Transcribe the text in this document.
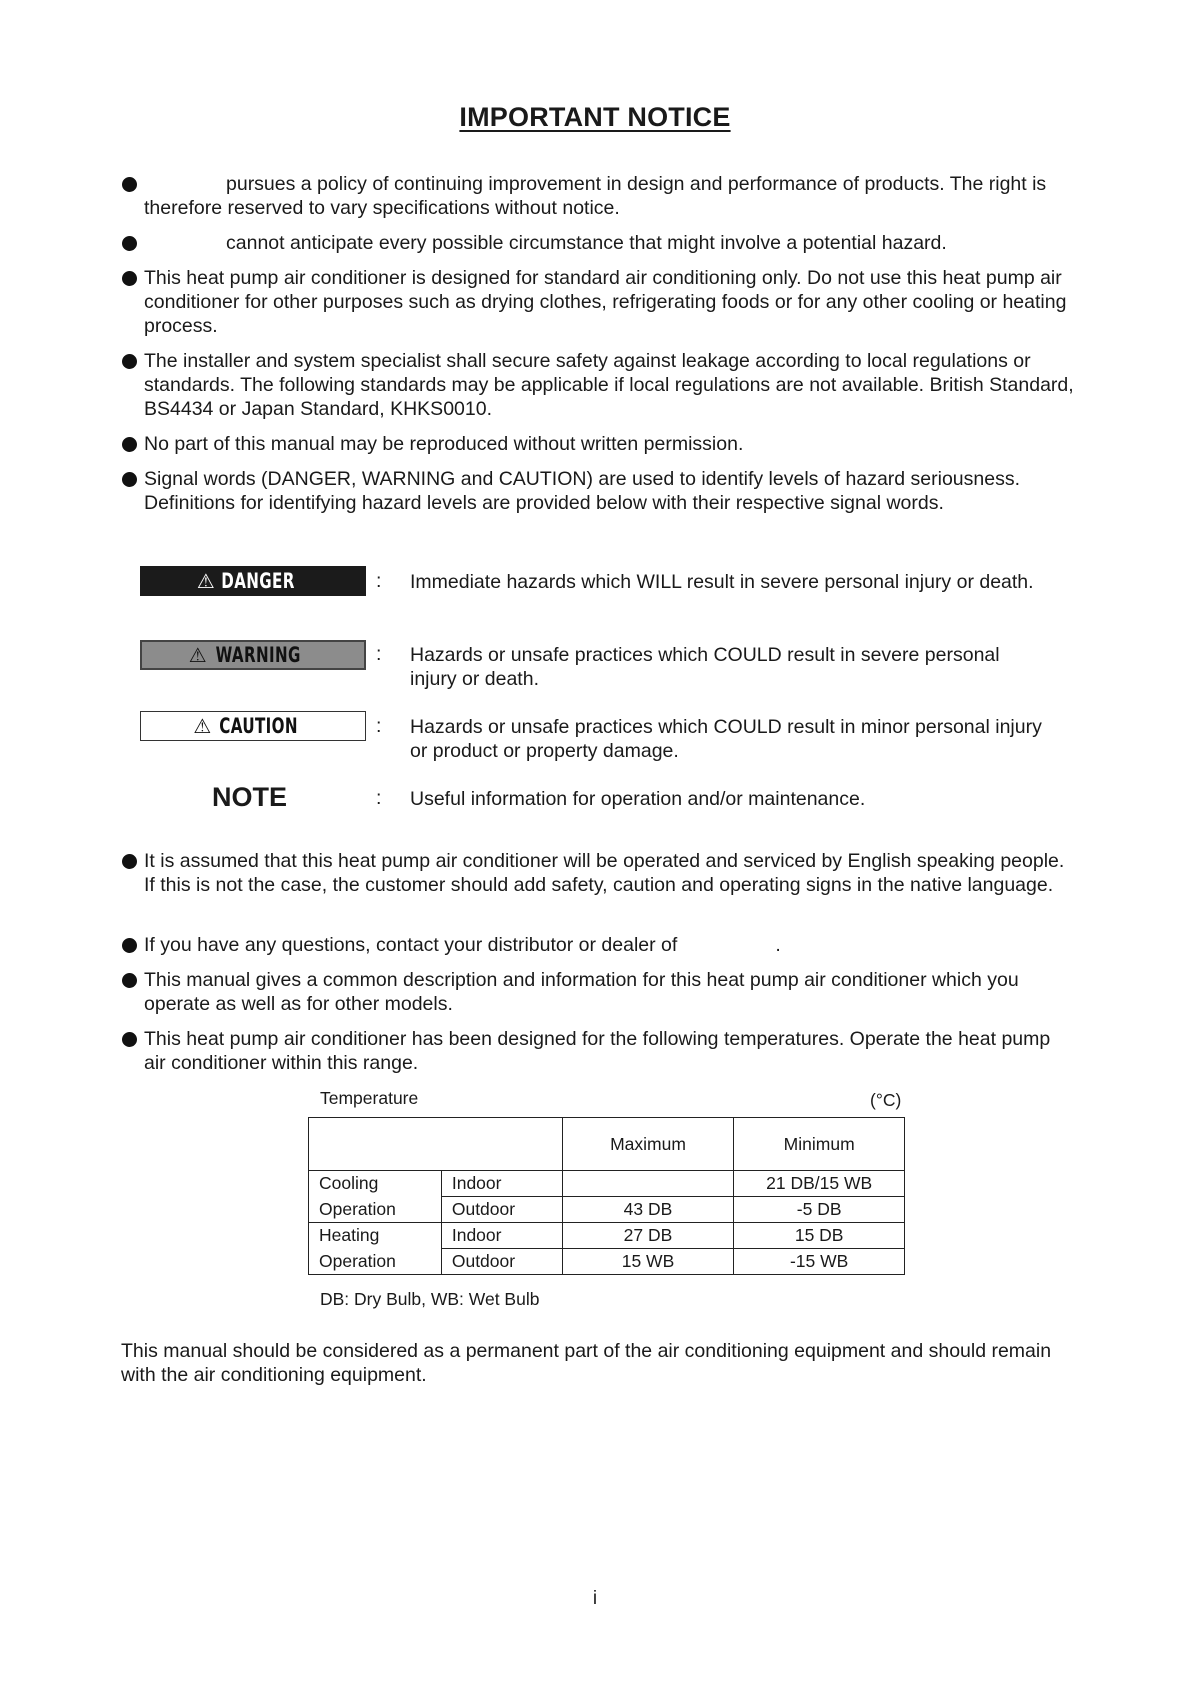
IMPORTANT NOTICE
pursues a policy of continuing improvement in design and performance of products. The right is
therefore reserved to vary specifications without notice.
cannot anticipate every possible circumstance that might involve a potential hazard.
This heat pump air conditioner is designed for standard air conditioning only. Do not use this heat pump air conditioner for other purposes such as drying clothes, refrigerating foods or for any other cooling or heating process.
The installer and system specialist shall secure safety against leakage according to local regulations or standards. The following standards may be applicable if local regulations are not available. British Standard, BS4434 or Japan Standard, KHKS0010.
No part of this manual may be reproduced without written permission.
Signal words (DANGER, WARNING and CAUTION) are used to identify levels of hazard seriousness. Definitions for identifying hazard levels are provided below with their respective signal words.
⚠ DANGER	: Immediate hazards which WILL result in severe personal injury or death.
⚠ WARNING	: Hazards or unsafe practices which COULD result in severe personal injury or death.
⚠ CAUTION	: Hazards or unsafe practices which COULD result in minor personal injury or product or property damage.
NOTE	: Useful information for operation and/or maintenance.
It is assumed that this heat pump air conditioner will be operated and serviced by English speaking people. If this is not the case, the customer should add safety, caution and operating signs in the native language.
If you have any questions, contact your distributor or dealer of	.
This manual gives a common description and information for this heat pump air conditioner which you operate as well as for other models.
This heat pump air conditioner has been designed for the following temperatures. Operate the heat pump air conditioner within this range.
Temperature	(°C)
		Maximum	Minimum
Cooling	Indoor		21 DB/15 WB
Operation	Outdoor	43 DB	-5 DB
Heating	Indoor	27 DB	15 DB
Operation	Outdoor	15 WB	-15 WB
DB: Dry Bulb, WB: Wet Bulb
This manual should be considered as a permanent part of the air conditioning equipment and should remain with the air conditioning equipment.
i
